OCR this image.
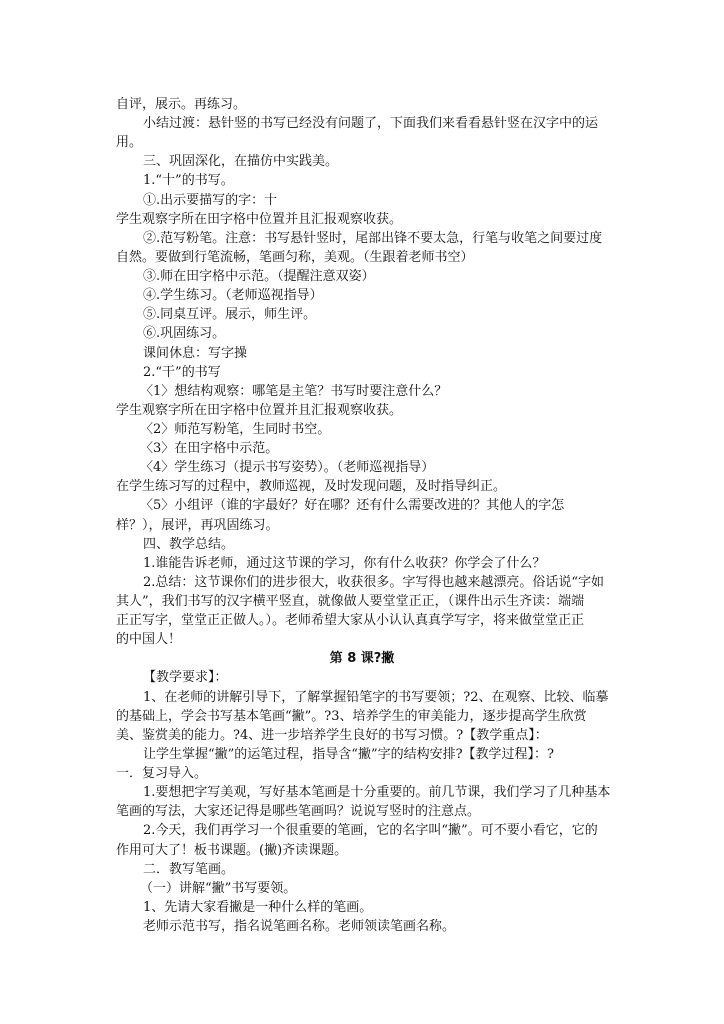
自评，展示。再练习。
小结过渡：悬针竖的书写已经没有问题了，下面我们来看看悬针竖在汉字中的运
用。
三、巩固深化，在描仿中实践美。
1.“十”的书写。
①.出示要描写的字：十
学生观察字所在田字格中位置并且汇报观察收获。
②.范写粉笔。注意：书写悬针竖时，尾部出锋不要太急，行笔与收笔之间要过度
自然。要做到行笔流畅，笔画匀称，美观。（生跟着老师书空）
③.师在田字格中示范。（提醒注意双姿）
④.学生练习。（老师巡视指导）
⑤.同桌互评。展示，师生评。
⑥.巩固练习。
课间休息：写字操
2.“干”的书写
〈1〉想结构观察：哪笔是主笔？书写时要注意什么？
学生观察字所在田字格中位置并且汇报观察收获。
〈2〉师范写粉笔，生同时书空。
〈3〉在田字格中示范。
〈4〉学生练习（提示书写姿势）。（老师巡视指导）
在学生练习写的过程中，教师巡视，及时发现问题，及时指导纠正。
〈5〉小组评（谁的字最好？好在哪？还有什么需要改进的？其他人的字怎
样？），展评，再巩固练习。
四、教学总结。
1.谁能告诉老师，通过这节课的学习，你有什么收获？你学会了什么？
2.总结：这节课你们的进步很大，收获很多。字写得也越来越漂亮。俗话说“字如
其人”，我们书写的汉字横平竖直，就像做人要堂堂正正，（课件出示生齐读：端端
正正写字，堂堂正正做人。）。老师希望大家从小认认真真学写字，将来做堂堂正正
的中国人！
第 8 课?撇
【教学要求】：
1、在老师的讲解引导下，了解掌握铅笔字的书写要领；?2、在观察、比较、临摹
的基础上，学会书写基本笔画“撇”。?3、培养学生的审美能力，逐步提高学生欣赏
美、鉴赏美的能力。?4、进一步培养学生良好的书写习惯。?【教学重点】：
让学生掌握“撇”的运笔过程，指导含“撇”字的结构安排?【教学过程】：?
一．复习导入。
1.要想把字写美观，写好基本笔画是十分重要的。前几节课，我们学习了几种基本
笔画的写法，大家还记得是哪些笔画吗？说说写竖时的注意点。
2.今天，我们再学习一个很重要的笔画，它的名字叫“撇”。可不要小看它，它的
作用可大了！板书课题。(撇)齐读课题。
二．教写笔画。
（一）讲解“撇”书写要领。
1、先请大家看撇是一种什么样的笔画。
老师示范书写，指名说笔画名称。老师领读笔画名称。
